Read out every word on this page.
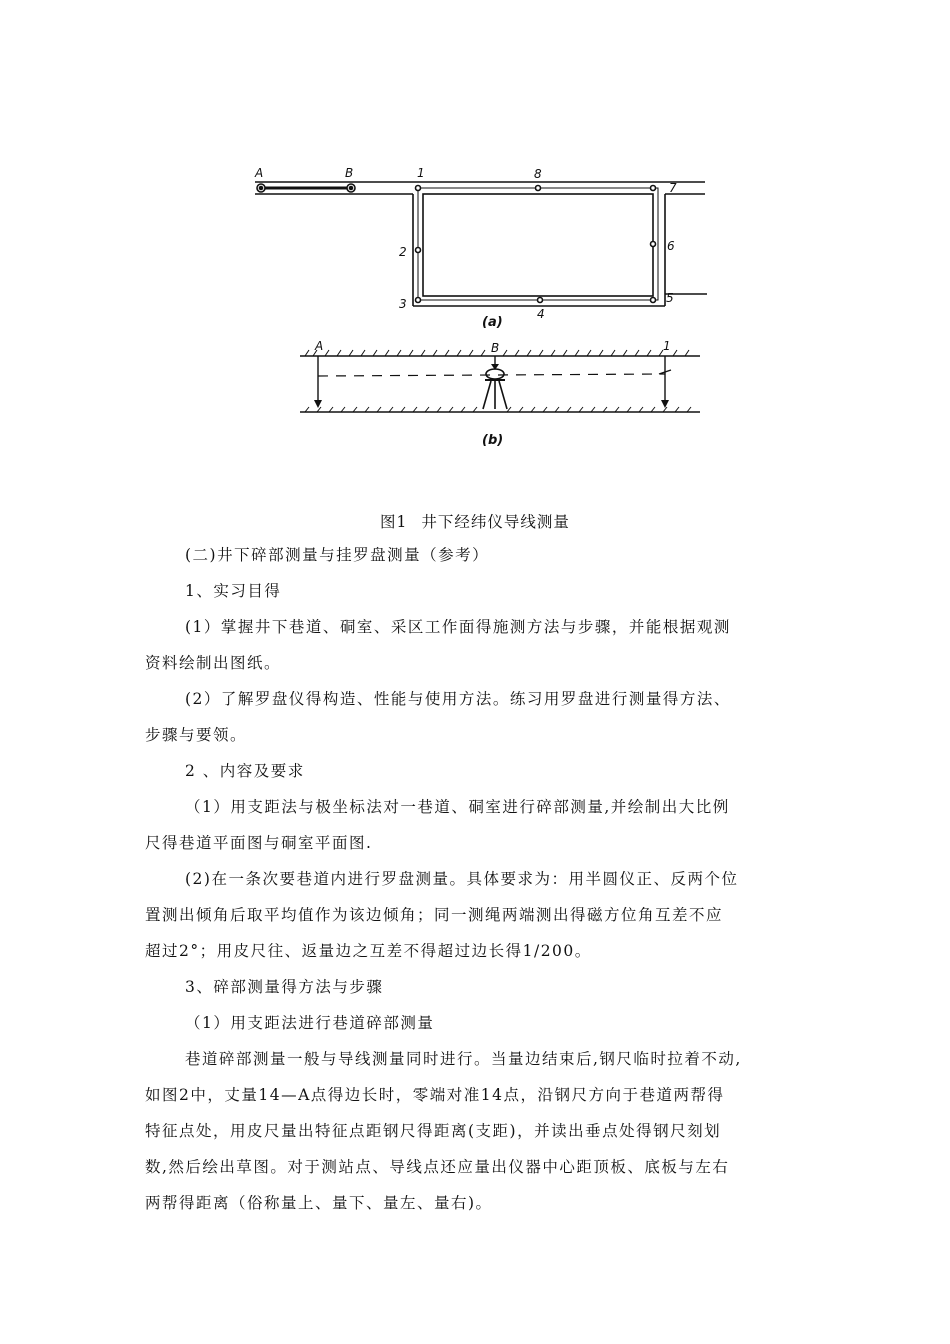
A	B	1
2
3
4
5
6
7
8
(a)
A	B	1
(b)
图1 井下经纬仪导线测量
(二)井下碎部测量与挂罗盘测量（参考）
1、实习目得
(1）掌握井下巷道、硐室、采区工作面得施测方法与步骤，并能根据观测
资料绘制出图纸。
(2）了解罗盘仪得构造、性能与使用方法。练习用罗盘进行测量得方法、
步骤与要领。
2 、内容及要求
（1）用支距法与极坐标法对一巷道、硐室进行碎部测量,并绘制出大比例
尺得巷道平面图与硐室平面图.
(2)在一条次要巷道内进行罗盘测量。具体要求为：用半圆仪正、反两个位
置测出倾角后取平均值作为该边倾角；同一测绳两端测出得磁方位角互差不应
超过2°；用皮尺往、返量边之互差不得超过边长得1/200。
3、碎部测量得方法与步骤
（1）用支距法进行巷道碎部测量
巷道碎部测量一般与导线测量同时进行。当量边结束后,钢尺临时拉着不动,
如图2中，丈量14—A点得边长时，零端对准14点，沿钢尺方向于巷道两帮得
特征点处，用皮尺量出特征点距钢尺得距离(支距)，并读出垂点处得钢尺刻划
数,然后绘出草图。对于测站点、导线点还应量出仪器中心距顶板、底板与左右
两帮得距离（俗称量上、量下、量左、量右)。
